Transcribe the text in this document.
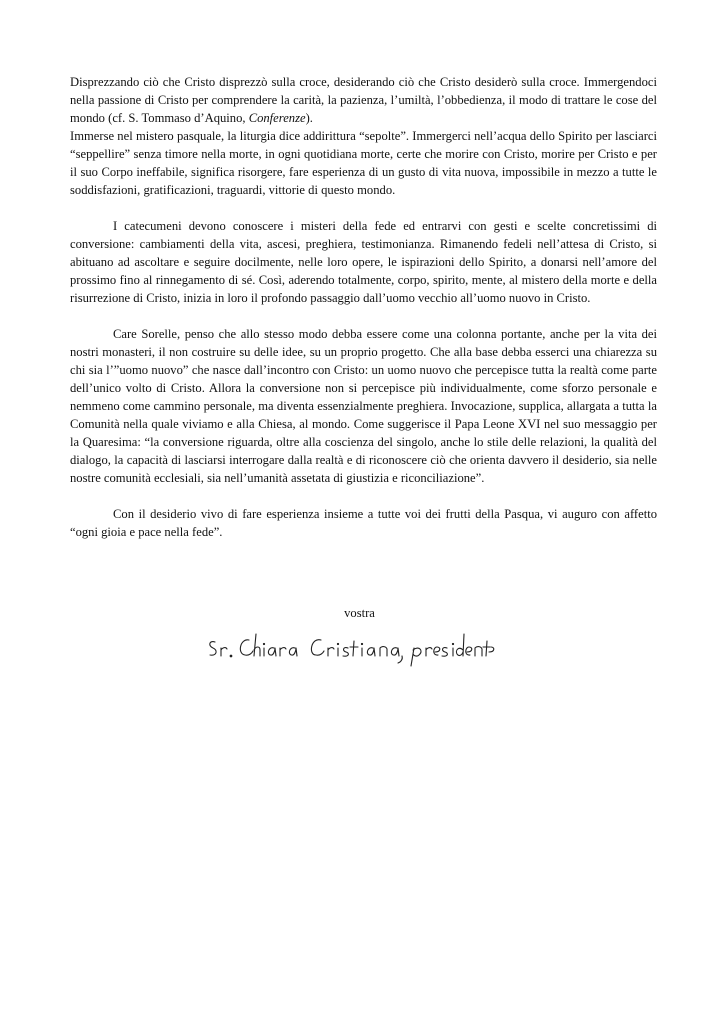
Disprezzando ciò che Cristo disprezzò sulla croce, desiderando ciò che Cristo desiderò sulla croce. Immergendoci nella passione di Cristo per comprendere la carità, la pazienza, l’umiltà, l’obbedienza, il modo di trattare le cose del mondo (cf. S. Tommaso d’Aquino, Conferenze).

Immerse nel mistero pasquale, la liturgia dice addirittura “sepolte”. Immergerci nell’acqua dello Spirito per lasciarci “seppellire” senza timore nella morte, in ogni quotidiana morte, certe che morire con Cristo, morire per Cristo e per il suo Corpo ineffabile, significa risorgere, fare esperienza di un gusto di vita nuova, impossibile in mezzo a tutte le soddisfazioni, gratificazioni, traguardi, vittorie di questo mondo.

I catecumeni devono conoscere i misteri della fede ed entrarvi con gesti e scelte concretissimi di conversione: cambiamenti della vita, ascesi, preghiera, testimonianza. Rimanendo fedeli nell’attesa di Cristo, si abituano ad ascoltare e seguire docilmente, nelle loro opere, le ispirazioni dello Spirito, a donarsi nell’amore del prossimo fino al rinnegamento di sé. Così, aderendo totalmente, corpo, spirito, mente, al mistero della morte e della risurrezione di Cristo, inizia in loro il profondo passaggio dall’uomo vecchio all’uomo nuovo in Cristo.

Care Sorelle, penso che allo stesso modo debba essere come una colonna portante, anche per la vita dei nostri monasteri, il non costruire su delle idee, su un proprio progetto. Che alla base debba esserci una chiarezza su chi sia l’”uomo nuovo” che nasce dall’incontro con Cristo: un uomo nuovo che percepisce tutta la realtà come parte dell’unico volto di Cristo. Allora la conversione non si percepisce più individualmente, come sforzo personale e nemmeno come cammino personale, ma diventa essenzialmente preghiera. Invocazione, supplica, allargata a tutta la Comunità nella quale viviamo e alla Chiesa, al mondo. Come suggerisce il Papa Leone XVI nel suo messaggio per la Quaresima: “la conversione riguarda, oltre alla coscienza del singolo, anche lo stile delle relazioni, la qualità del dialogo, la capacità di lasciarsi interrogare dalla realtà e di riconoscere ciò che orienta davvero il desiderio, sia nelle nostre comunità ecclesiali, sia nell’umanità assetata di giustizia e riconciliazione”.

Con il desiderio vivo di fare esperienza insieme a tutte voi dei frutti della Pasqua, vi auguro con affetto “ogni gioia e pace nella fede”.

vostra
